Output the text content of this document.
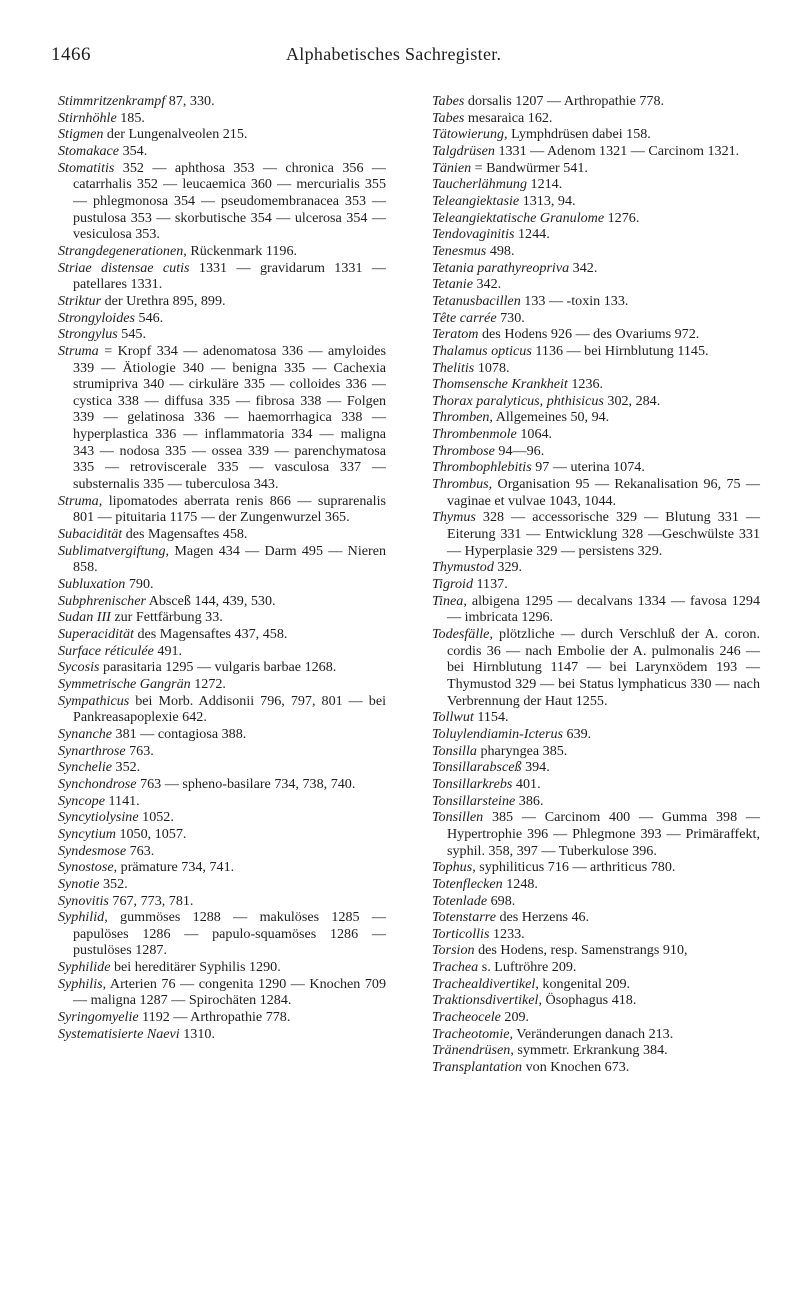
1466	Alphabetisches Sachregister.

Stimmritzenkrampf 87, 330.

Stirnhöhle 185.

Stigmen der Lungenalveolen 215.

Stomakace 354.

Stomatitis 352 — aphthosa 353 — chronica 356 — catarrhalis 352 — leucaemica 360 — mercurialis 355 — phlegmonosa 354 — pseudomembranacea 353 — pustulosa 353 — skorbutische 354 — ulcerosa 354 — vesiculosa 353.

Strangdegenerationen, Rückenmark 1196.

Striae distensae cutis 1331 — gravidarum 1331 — patellares 1331.

Striktur der Urethra 895, 899.

Strongyloides 546.

Strongylus 545.

Struma = Kropf 334 — adenomatosa 336 — amyloides 339 — Ätiologie 340 — benigna 335 — Cachexia strumipriva 340 — cirkuläre 335 — colloides 336 — cystica 338 — diffusa 335 — fibrosa 338 — Folgen 339 — gelatinosa 336 — haemorrhagica 338 — hyperplastica 336 — inflammatoria 334 — maligna 343 — nodosa 335 — ossea 339 — parenchymatosa 335 — retroviscerale 335 — vasculosa 337 — substernalis 335 — tuberculosa 343.

Struma, lipomatodes aberrata renis 866 — suprarenalis 801 — pituitaria 1175 — der Zungenwurzel 365.

Subacidität des Magensaftes 458.

Sublimatvergiftung, Magen 434 — Darm 495 — Nieren 858.

Subluxation 790.

Subphrenischer Absceß 144, 439, 530.

Sudan III zur Fettfärbung 33.

Superacidität des Magensaftes 437, 458.

Surface réticulée 491.

Sycosis parasitaria 1295 — vulgaris barbae 1268.

Symmetrische Gangrän 1272.

Sympathicus bei Morb. Addisonii 796, 797, 801 — bei Pankreasapoplexie 642.

Synanche 381 — contagiosa 388.

Synarthrose 763.

Synchelie 352.

Synchondrose 763 — spheno-basilare 734, 738, 740.

Syncope 1141.

Syncytiolysine 1052.

Syncytium 1050, 1057.

Syndesmose 763.

Synostose, prämature 734, 741.

Synotie 352.

Synovitis 767, 773, 781.

Syphilid, gummöses 1288 — makulöses 1285 — papulöses 1286 — papulo-squamöses 1286 — pustulöses 1287.

Syphilide bei hereditärer Syphilis 1290.

Syphilis, Arterien 76 — congenita 1290 — Knochen 709 — maligna 1287 — Spirochäten 1284.

Syringomyelie 1192 — Arthropathie 778.

Systematisierte Naevi 1310.

Tabes dorsalis 1207 — Arthropathie 778.

Tabes mesaraica 162.

Tätowierung, Lymphdrüsen dabei 158.

Talgdrüsen 1331 — Adenom 1321 — Carcinom 1321.

Tänien = Bandwürmer 541.

Taucherlähmung 1214.

Teleangiektasie 1313, 94.

Teleangiektatische Granulome 1276.

Tendovaginitis 1244.

Tenesmus 498.

Tetania parathyreopriva 342.

Tetanie 342.

Tetanusbacillen 133 — -toxin 133.

Tête carrée 730.

Teratom des Hodens 926 — des Ovariums 972.

Thalamus opticus 1136 — bei Hirnblutung 1145.

Thelitis 1078.

Thomsensche Krankheit 1236.

Thorax paralyticus, phthisicus 302, 284.

Thromben, Allgemeines 50, 94.

Thrombenmole 1064.

Thrombose 94—96.

Thrombophlebitis 97 — uterina 1074.

Thrombus, Organisation 95 — Rekanalisation 96, 75 — vaginae et vulvae 1043, 1044.

Thymus 328 — accessorische 329 — Blutung 331 — Eiterung 331 — Entwicklung 328 —Geschwülste 331 — Hyperplasie 329 — persistens 329.

Thymustod 329.

Tigroid 1137.

Tinea, albigena 1295 — decalvans 1334 — favosa 1294 — imbricata 1296.

Todesfälle, plötzliche — durch Verschluß der A. coron. cordis 36 — nach Embolie der A. pulmonalis 246 — bei Hirnblutung 1147 — bei Larynxödem 193 — Thymustod 329 — bei Status lymphaticus 330 — nach Verbrennung der Haut 1255.

Tollwut 1154.

Toluylendiamin-Icterus 639.

Tonsilla pharyngea 385.

Tonsillarabsceß 394.

Tonsillarkrebs 401.

Tonsillarsteine 386.

Tonsillen 385 — Carcinom 400 — Gumma 398 — Hypertrophie 396 — Phlegmone 393 — Primäraffekt, syphil. 358, 397 — Tuberkulose 396.

Tophus, syphiliticus 716 — arthriticus 780.

Totenflecken 1248.

Totenlade 698.

Totenstarre des Herzens 46.

Torticollis 1233.

Torsion des Hodens, resp. Samenstrangs 910,

Trachea s. Luftröhre 209.

Trachealdivertikel, kongenital 209.

Traktionsdivertikel, Ösophagus 418.

Tracheocele 209.

Tracheotomie, Veränderungen danach 213.

Tränendrüsen, symmetr. Erkrankung 384.

Transplantation von Knochen 673.
